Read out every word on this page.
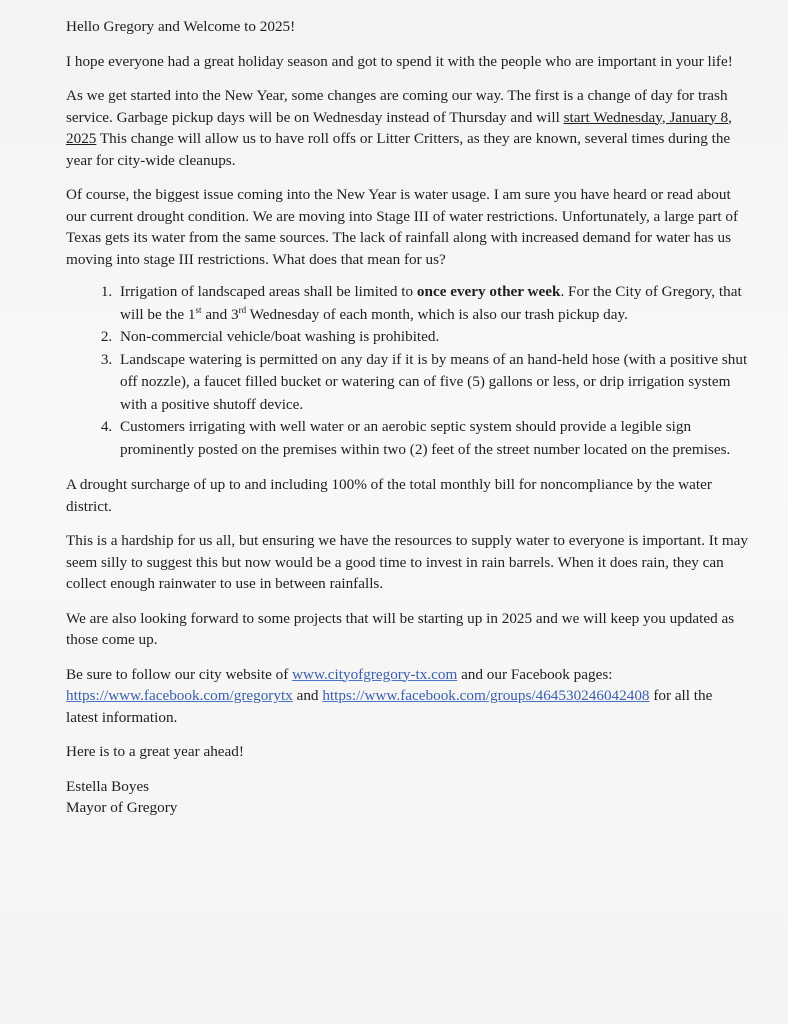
Hello Gregory and Welcome to 2025!

I hope everyone had a great holiday season and got to spend it with the people who are important in your life!

As we get started into the New Year, some changes are coming our way. The first is a change of day for trash service. Garbage pickup days will be on Wednesday instead of Thursday and will start Wednesday, January 8, 2025 This change will allow us to have roll offs or Litter Critters, as they are known, several times during the year for city-wide cleanups.

Of course, the biggest issue coming into the New Year is water usage. I am sure you have heard or read about our current drought condition. We are moving into Stage III of water restrictions. Unfortunately, a large part of Texas gets its water from the same sources. The lack of rainfall along with increased demand for water has us moving into stage III restrictions. What does that mean for us?

1. Irrigation of landscaped areas shall be limited to once every other week. For the City of Gregory, that will be the 1st and 3rd Wednesday of each month, which is also our trash pickup day.
2. Non-commercial vehicle/boat washing is prohibited.
3. Landscape watering is permitted on any day if it is by means of an hand-held hose (with a positive shut off nozzle), a faucet filled bucket or watering can of five (5) gallons or less, or drip irrigation system with a positive shutoff device.
4. Customers irrigating with well water or an aerobic septic system should provide a legible sign prominently posted on the premises within two (2) feet of the street number located on the premises.

A drought surcharge of up to and including 100% of the total monthly bill for noncompliance by the water district.

This is a hardship for us all, but ensuring we have the resources to supply water to everyone is important. It may seem silly to suggest this but now would be a good time to invest in rain barrels. When it does rain, they can collect enough rainwater to use in between rainfalls.

We are also looking forward to some projects that will be starting up in 2025 and we will keep you updated as those come up.

Be sure to follow our city website of www.cityofgregory-tx.com and our Facebook pages: https://www.facebook.com/gregorytx and https://www.facebook.com/groups/464530246042408 for all the latest information.

Here is to a great year ahead!

Estella Boyes

Mayor of Gregory
